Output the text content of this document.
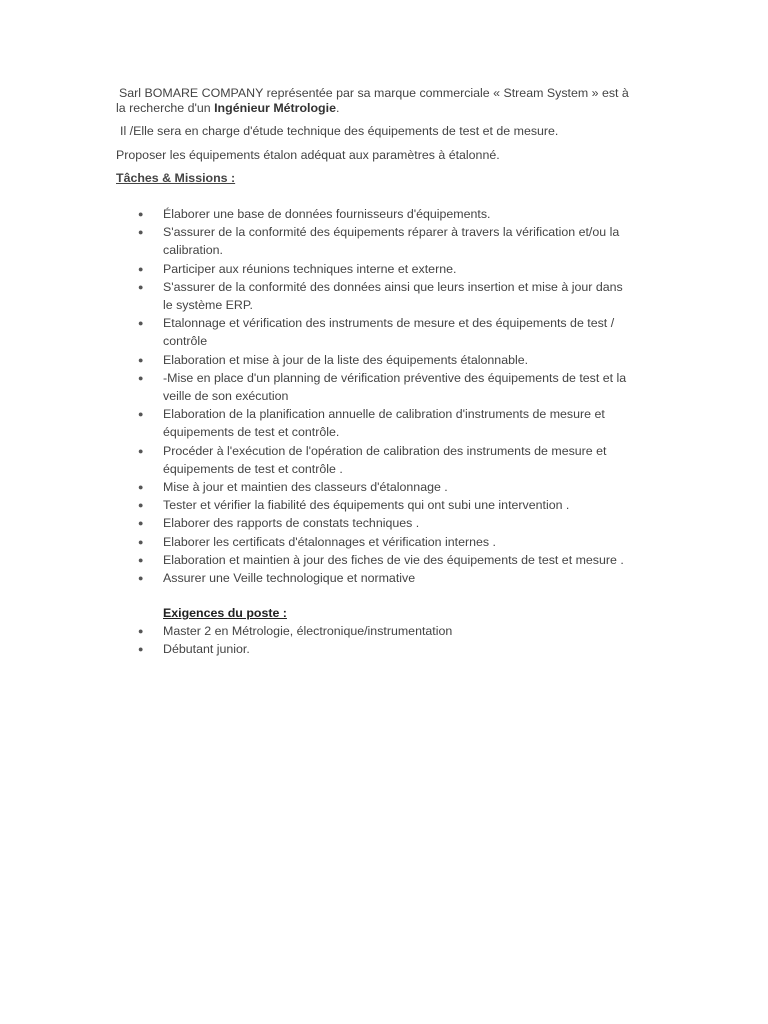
Sarl BOMARE COMPANY représentée par sa marque commerciale « Stream System » est à
la recherche d'un Ingénieur Métrologie.

Il /Elle sera en charge d'étude technique des équipements de test et de mesure.

Proposer les équipements étalon adéquat aux paramètres à étalonné.

Tâches & Missions :
● Élaborer une base de données fournisseurs d'équipements.
● S'assurer de la conformité des équipements réparer à travers la vérification et/ou la
calibration.
● Participer aux réunions techniques interne et externe.
● S'assurer de la conformité des données ainsi que leurs insertion et mise à jour dans
le système ERP.
● Etalonnage et vérification des instruments de mesure et des équipements de test /
contrôle
● Elaboration et mise à jour de la liste des équipements étalonnable.
● -Mise en place d'un planning de vérification préventive des équipements de test et la
veille de son exécution
● Elaboration de la planification annuelle de calibration d'instruments de mesure et
équipements de test et contrôle.
● Procéder à l'exécution de l'opération de calibration des instruments de mesure et
équipements de test et contrôle .
● Mise à jour et maintien des classeurs d'étalonnage .
● Tester et vérifier la fiabilité des équipements qui ont subi une intervention .
● Elaborer des rapports de constats techniques .
● Elaborer les certificats d'étalonnages et vérification internes .
● Elaboration et maintien à jour des fiches de vie des équipements de test et mesure .
● Assurer une Veille technologique et normative
Exigences du poste :
● Master 2 en Métrologie, électronique/instrumentation
● Débutant junior.
